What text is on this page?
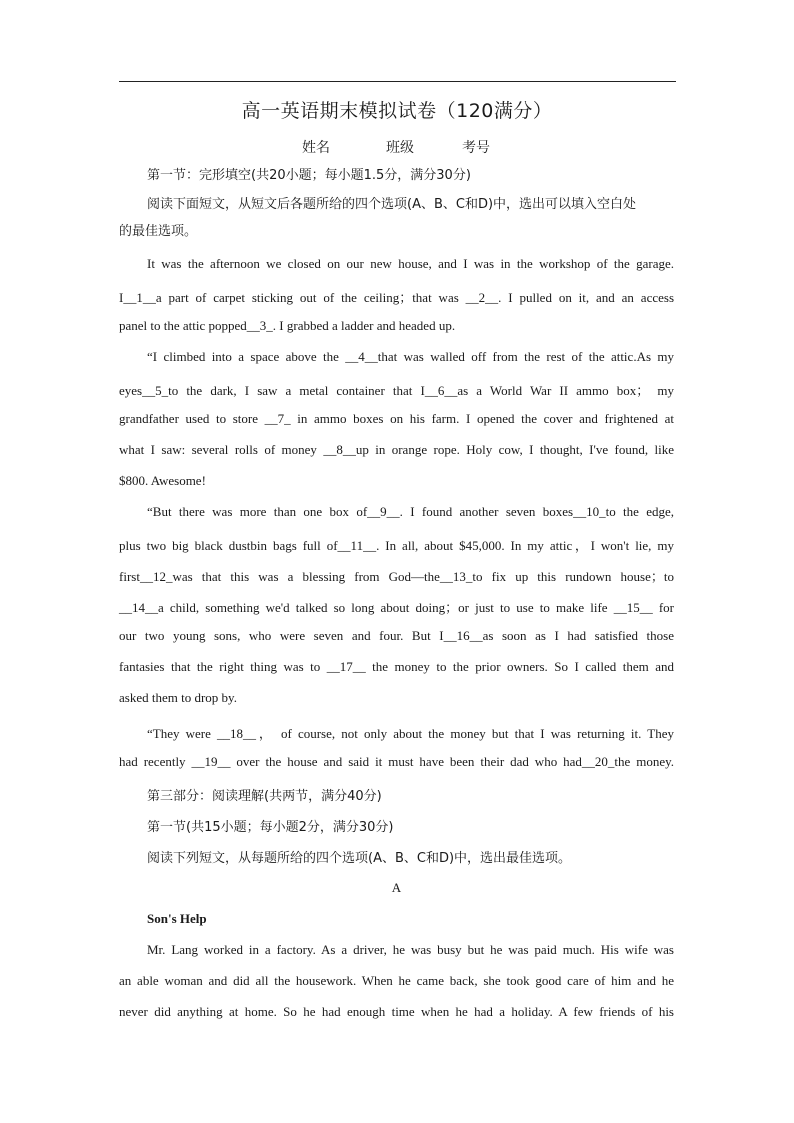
高一英语期末模拟试卷（120满分）
姓名	班级	考号
第一节：完形填空(共20小题；每小题1.5分，满分30分)
阅读下面短文，从短文后各题所给的四个选项(A、B、C和D)中，选出可以填入空白处
的最佳选项。
It was the afternoon we closed on our new house, and I was in the workshop of the garage.
I__1__a part of carpet sticking out of the ceiling；that was __2__. I pulled on it, and an access
panel to the attic popped__3_. I grabbed a ladder and headed up.
“I climbed into a space above the __4__that was walled off from the rest of the attic.As my
eyes__5_to the dark, I saw a metal container that I__6__as a World War II ammo box； my
grandfather used to store __7_ in ammo boxes on his farm. I opened the cover and frightened at
what I saw: several rolls of money __8__up in orange rope. Holy cow, I thought, I've found, like
$800. Awesome!
“But there was more than one box of__9__. I found another seven boxes__10_to the edge,
plus two big black dustbin bags full of__11__. In all, about $45,000. In my attic，I won't lie, my
first__12_was that this was a blessing from God—the__13_to fix up this rundown house；to
__14__a child, something we'd talked so long about doing；or just to use to make life __15__ for
our two young sons, who were seven and four. But I__16__as soon as I had satisfied those
fantasies that the right thing was to __17__ the money to the prior owners. So I called them and
asked them to drop by.
“They were __18__， of course, not only about the money but that I was returning it. They
had recently __19__ over the house and said it must have been their dad who had__20_the money.
第三部分：阅读理解(共两节，满分40分)
第一节(共15小题；每小题2分，满分30分)
阅读下列短文，从每题所给的四个选项(A、B、C和D)中，选出最佳选项。
A
Son's Help
Mr. Lang worked in a factory. As a driver, he was busy but he was paid much. His wife was
an able woman and did all the housework. When he came back, she took good care of him and he
never did anything at home. So he had enough time when he had a holiday. A few friends of his
